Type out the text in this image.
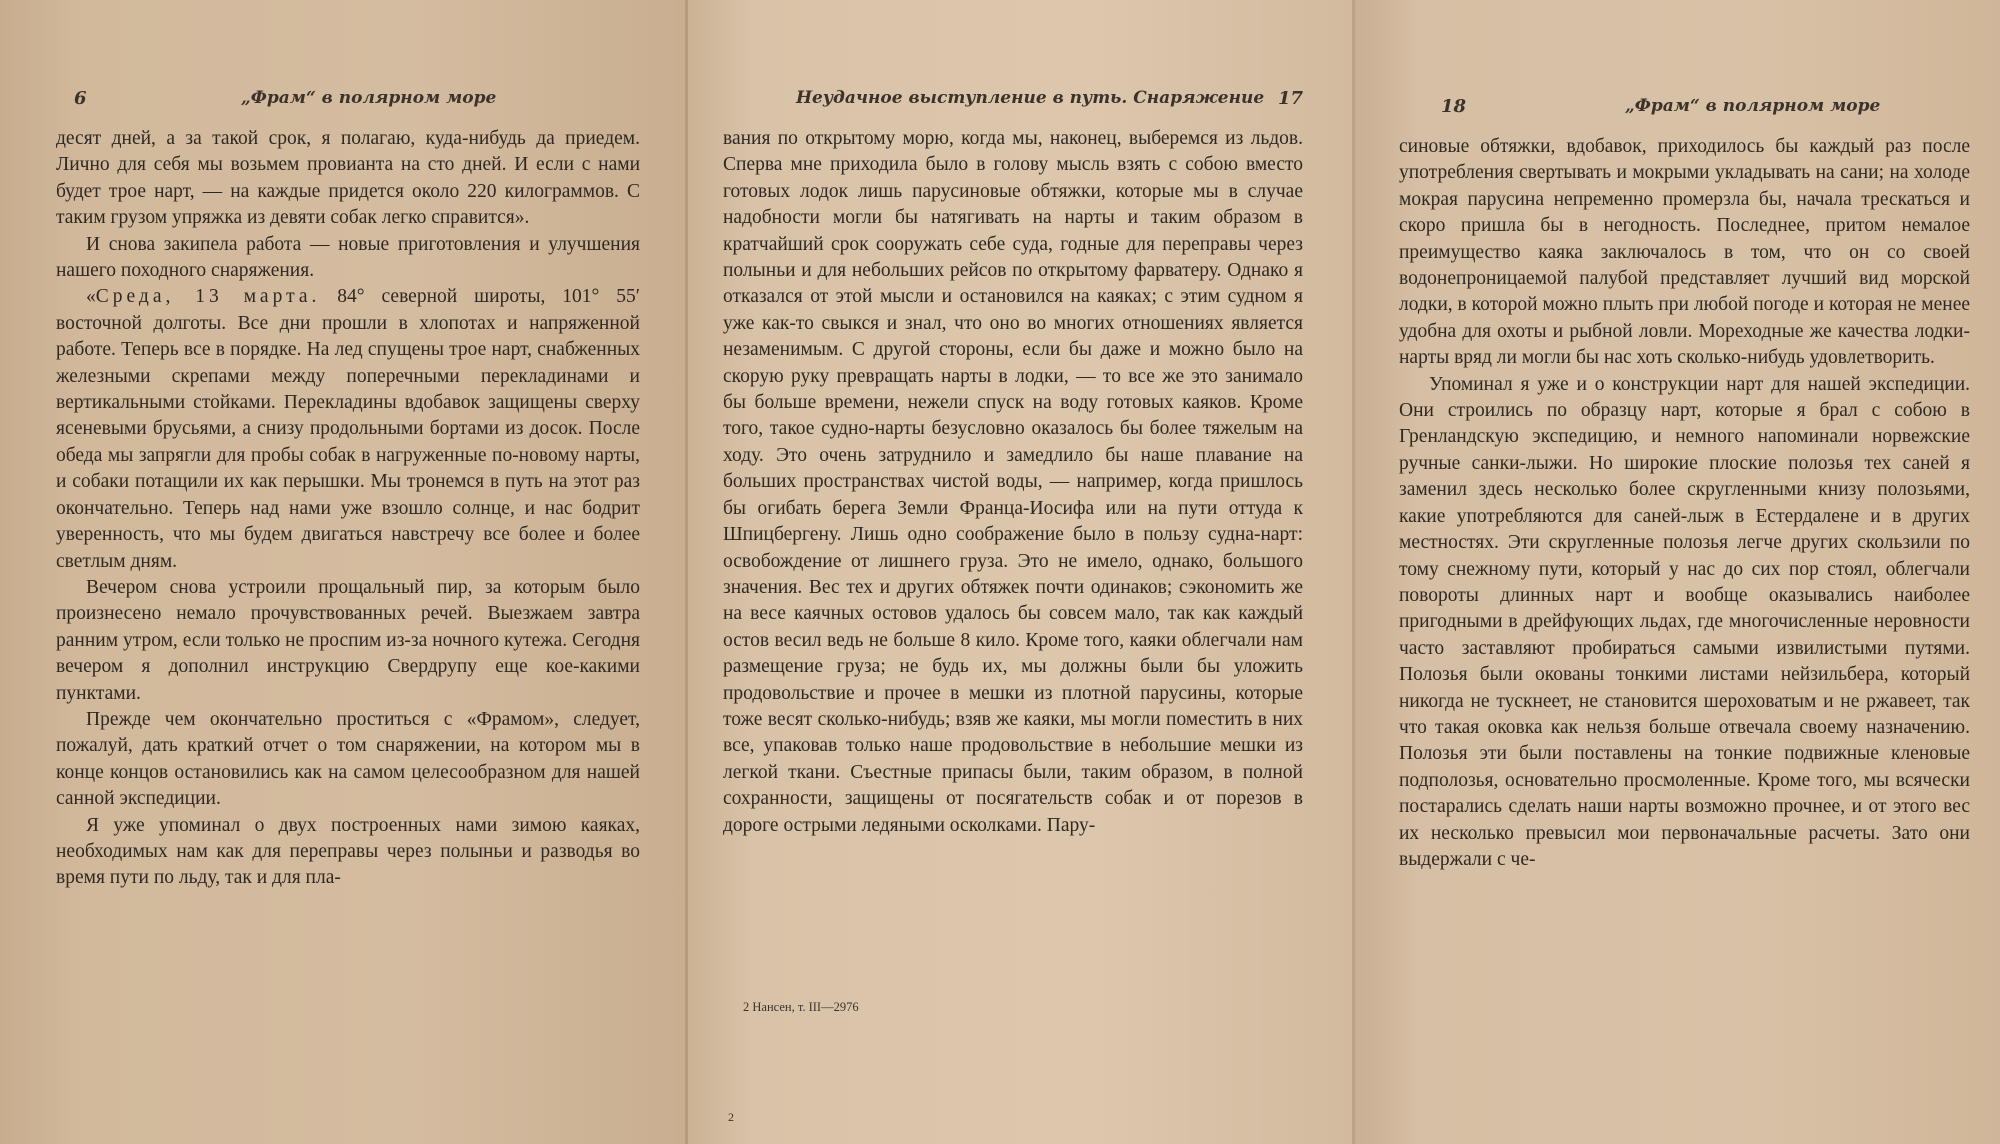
6	„Фрам“ в полярном море

десят дней, а за такой срок, я полагаю, куда-нибудь да приедем. Лично для себя мы возьмем провианта на сто дней. И если с нами будет трое нарт, — на каждые придется около 220 килограммов. С таким грузом упряжка из девяти собак легко справится».

И снова закипела работа — новые приготовления и улучшения нашего походного снаряжения.

«Среда, 13 марта. 84° северной широты, 101° 55′ восточной долготы. Все дни прошли в хлопотах и напряженной работе. Теперь все в порядке. На лед спущены трое нарт, снабженных железными скрепами между поперечными перекладинами и вертикальными стойками. Перекладины вдобавок защищены сверху ясеневыми брусьями, а снизу продольными бортами из досок. После обеда мы запрягли для пробы собак в нагруженные по-новому нарты, и собаки потащили их как перышки. Мы тронемся в путь на этот раз окончательно. Теперь над нами уже взошло солнце, и нас бодрит уверенность, что мы будем двигаться навстречу все более и более светлым дням.

Вечером снова устроили прощальный пир, за которым было произнесено немало прочувствованных речей. Выезжаем завтра ранним утром, если только не проспим из-за ночного кутежа. Сегодня вечером я дополнил инструкцию Свердрупу еще кое-какими пунктами.

Прежде чем окончательно проститься с «Фрамом», следует, пожалуй, дать краткий отчет о том снаряжении, на котором мы в конце концов остановились как на самом целесообразном для нашей санной экспедиции.

Я уже упоминал о двух построенных нами зимою каяках, необходимых нам как для переправы через полыньи и разводья во время пути по льду, так и для пла-

Неудачное выступление в путь. Снаряжение 17

вания по открытому морю, когда мы, наконец, выберемся из льдов. Сперва мне приходила было в голову мысль взять с собою вместо готовых лодок лишь парусиновые обтяжки, которые мы в случае надобности могли бы натягивать на нарты и таким образом в кратчайший срок сооружать себе суда, годные для переправы через полыньи и для небольших рейсов по открытому фарватеру. Однако я отказался от этой мысли и остановился на каяках; с этим судном я уже как-то свыкся и знал, что оно во многих отношениях является незаменимым. С другой стороны, если бы даже и можно было на скорую руку превращать нарты в лодки, — то все же это занимало бы больше времени, нежели спуск на воду готовых каяков. Кроме того, такое судно-нарты безусловно оказалось бы более тяжелым на ходу. Это очень затруднило и замедлило бы наше плавание на больших пространствах чистой воды, — например, когда пришлось бы огибать берега Земли Франца-Иосифа или на пути оттуда к Шпицбергену. Лишь одно соображение было в пользу судна-нарт: освобождение от лишнего груза. Это не имело, однако, большого значения. Вес тех и других обтяжек почти одинаков; сэкономить же на весе каячных остовов удалось бы совсем мало, так как каждый остов весил ведь не больше 8 кило. Кроме того, каяки облегчали нам размещение груза; не будь их, мы должны были бы уложить продовольствие и прочее в мешки из плотной парусины, которые тоже весят сколько-нибудь; взяв же каяки, мы могли поместить в них все, упаковав только наше продовольствие в небольшие мешки из легкой ткани. Съестные припасы были, таким образом, в полной сохранности, защищены от посягательств собак и от порезов в дороге острыми ледяными осколками. Пару-

2 Нансен, т. III—2976
2
18	„Фрам“ в полярном море

синовые обтяжки, вдобавок, приходилось бы каждый раз после употребления свертывать и мокрыми укладывать на сани; на холоде мокрая парусина непременно промерзла бы, начала трескаться и скоро пришла бы в негодность. Последнее, притом немалое преимущество каяка заключалось в том, что он со своей водонепроницаемой палубой представляет лучший вид морской лодки, в которой можно плыть при любой погоде и которая не менее удобна для охоты и рыбной ловли. Мореходные же качества лодки-нарты вряд ли могли бы нас хоть сколько-нибудь удовлетворить.

Упоминал я уже и о конструкции нарт для нашей экспедиции. Они строились по образцу нарт, которые я брал с собою в Гренландскую экспедицию, и немного напоминали норвежские ручные санки-лыжи. Но широкие плоские полозья тех саней я заменил здесь несколько более скругленными книзу полозьями, какие употребляются для саней-лыж в Естердалене и в других местностях. Эти скругленные полозья легче других скользили по тому снежному пути, который у нас до сих пор стоял, облегчали повороты длинных нарт и вообще оказывались наиболее пригодными в дрейфующих льдах, где многочисленные неровности часто заставляют пробираться самыми извилистыми путями. Полозья были окованы тонкими листами нейзильбера, который никогда не тускнеет, не становится шероховатым и не ржавеет, так что такая оковка как нельзя больше отвечала своему назначению. Полозья эти были поставлены на тонкие подвижные кленовые подполозья, основательно просмоленные. Кроме того, мы всячески постарались сделать наши нарты возможно прочнее, и от этого вес их несколько превысил мои первоначальные расчеты. Зато они выдержали с че-
